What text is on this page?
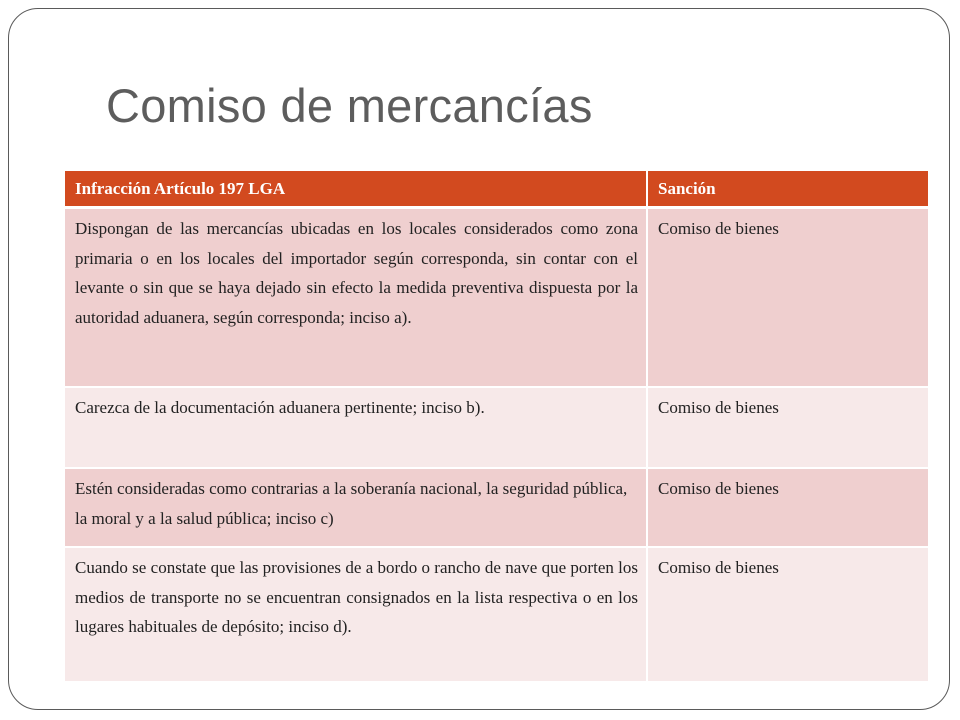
Comiso de mercancías
Infracción Artículo 197 LGA	Sanción
Dispongan de las mercancías ubicadas en los locales considerados como zona primaria o en los locales del importador según corresponda, sin contar con el levante o sin que se haya dejado sin efecto la medida preventiva dispuesta por la autoridad aduanera, según corresponda; inciso a).	Comiso de bienes
Carezca de la documentación aduanera pertinente; inciso b).	Comiso de bienes
Estén consideradas como contrarias a la soberanía nacional, la seguridad pública, la moral y a la salud pública; inciso c)	Comiso de bienes
Cuando se constate que las provisiones de a bordo o rancho de nave que porten los medios de transporte no se encuentran consignados en la lista respectiva o en los lugares habituales de depósito; inciso d).	Comiso de bienes
